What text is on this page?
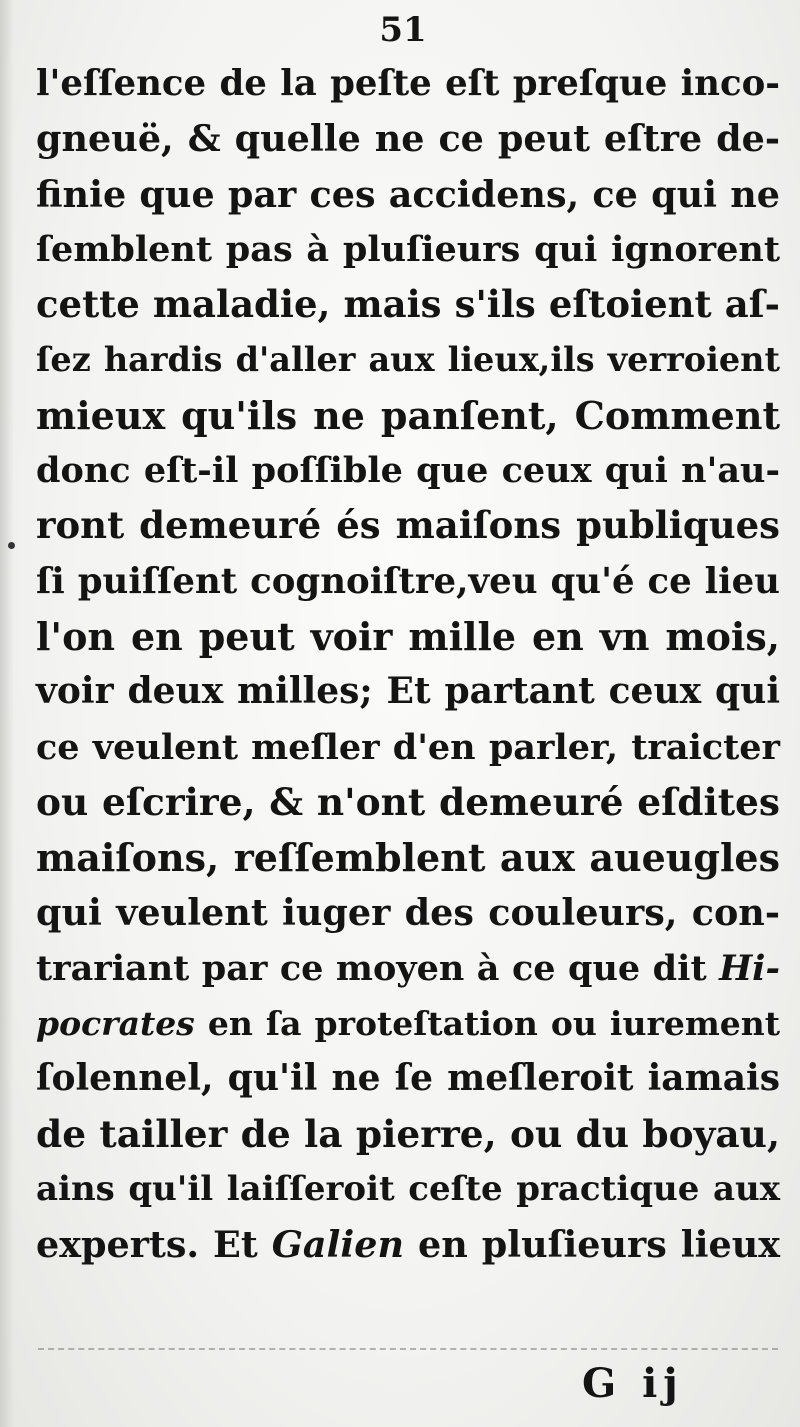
51
l'eſſence de la peſte eſt preſque inco-
gneuë, & quelle ne ce peut eſtre de-
finie que par ces accidens, ce qui ne
ſemblent pas à pluſieurs qui ignorent
cette maladie, mais s'ils eſtoient aſ-
ſez hardis d'aller aux lieux,ils verroient
mieux qu'ils ne panſent, Comment
donc eſt-il poſſible que ceux qui n'au-
ront demeuré és maiſons publiques
ſi puiſſent cognoiſtre,veu qu'é ce lieu
l'on en peut voir mille en vn mois,
voir deux milles; Et partant ceux qui
ce veulent meſler d'en parler, traicter
ou eſcrire, & n'ont demeuré eſdites
maiſons, reſſemblent aux aueugles
qui veulent iuger des couleurs, con-
trariant par ce moyen à ce que dit Hi-
pocrates en ſa proteſtation ou iurement
ſolennel, qu'il ne ſe meſleroit iamais
de tailler de la pierre, ou du boyau,
ains qu'il laiſſeroit ceſte practique aux
experts. Et Galien en pluſieurs lieux
G ij
